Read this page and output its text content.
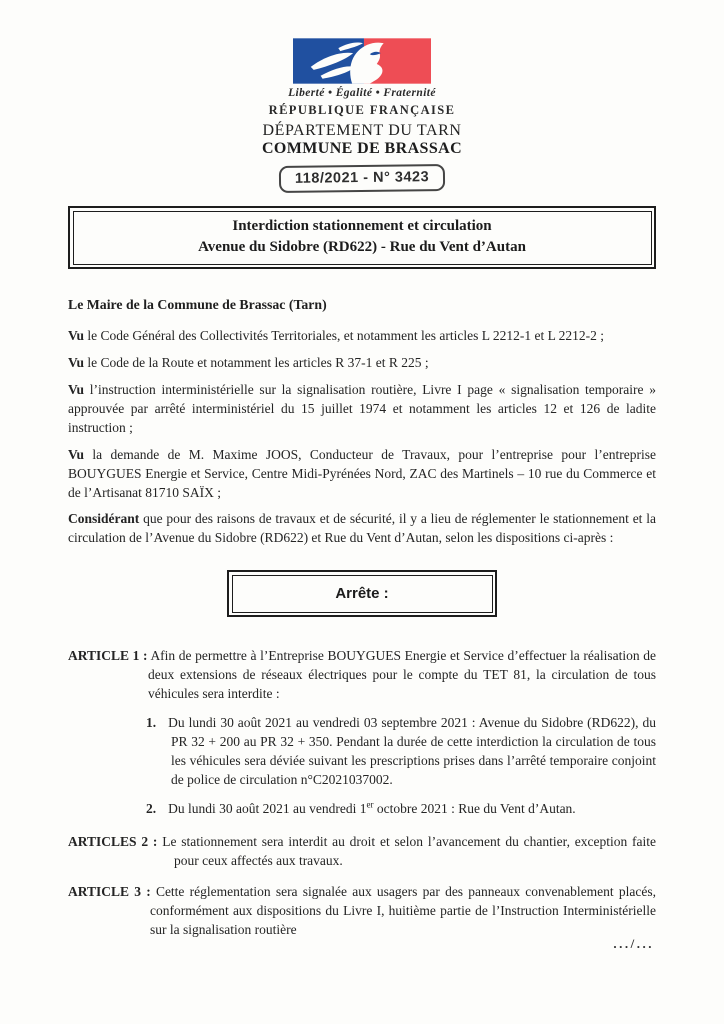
Liberté • Égalité • Fraternité
RÉPUBLIQUE FRANÇAISE
DÉPARTEMENT DU TARN
COMMUNE DE BRASSAC
118/2021 - N° 3423
Interdiction stationnement et circulation
Avenue du Sidobre (RD622) - Rue du Vent d’Autan

Le Maire de la Commune de Brassac (Tarn)

Vu le Code Général des Collectivités Territoriales, et notamment les articles L 2212-1 et L 2212-2 ;

Vu le Code de la Route et notamment les articles R 37-1 et R 225 ;

Vu l’instruction interministérielle sur la signalisation routière, Livre I page « signalisation temporaire » approuvée par arrêté interministériel du 15 juillet 1974 et notamment les articles 12 et 126 de ladite instruction ;

Vu la demande de M. Maxime JOOS, Conducteur de Travaux, pour l’entreprise pour l’entreprise BOUYGUES Energie et Service, Centre Midi-Pyrénées Nord, ZAC des Martinels – 10 rue du Commerce et de l’Artisanat 81710 SAÏX ;

Considérant que pour des raisons de travaux et de sécurité, il y a lieu de réglementer le stationnement et la circulation de l’Avenue du Sidobre (RD622) et Rue du Vent d’Autan, selon les dispositions ci-après :

Arrête :

ARTICLE 1 : Afin de permettre à l’Entreprise BOUYGUES Energie et Service d’effectuer la réalisation de deux extensions de réseaux électriques pour le compte du TET 81, la circulation de tous véhicules sera interdite :

1. Du lundi 30 août 2021 au vendredi 03 septembre 2021 : Avenue du Sidobre (RD622), du PR 32 + 200 au PR 32 + 350. Pendant la durée de cette interdiction la circulation de tous les véhicules sera déviée suivant les prescriptions prises dans l’arrêté temporaire conjoint de police de circulation n°C2021037002.
2. Du lundi 30 août 2021 au vendredi 1er octobre 2021 : Rue du Vent d’Autan.

ARTICLES 2 : Le stationnement sera interdit au droit et selon l’avancement du chantier, exception faite pour ceux affectés aux travaux.

ARTICLE 3 : Cette réglementation sera signalée aux usagers par des panneaux convenablement placés, conformément aux dispositions du Livre I, huitième partie de l’Instruction Interministérielle sur la signalisation routière

.../...
